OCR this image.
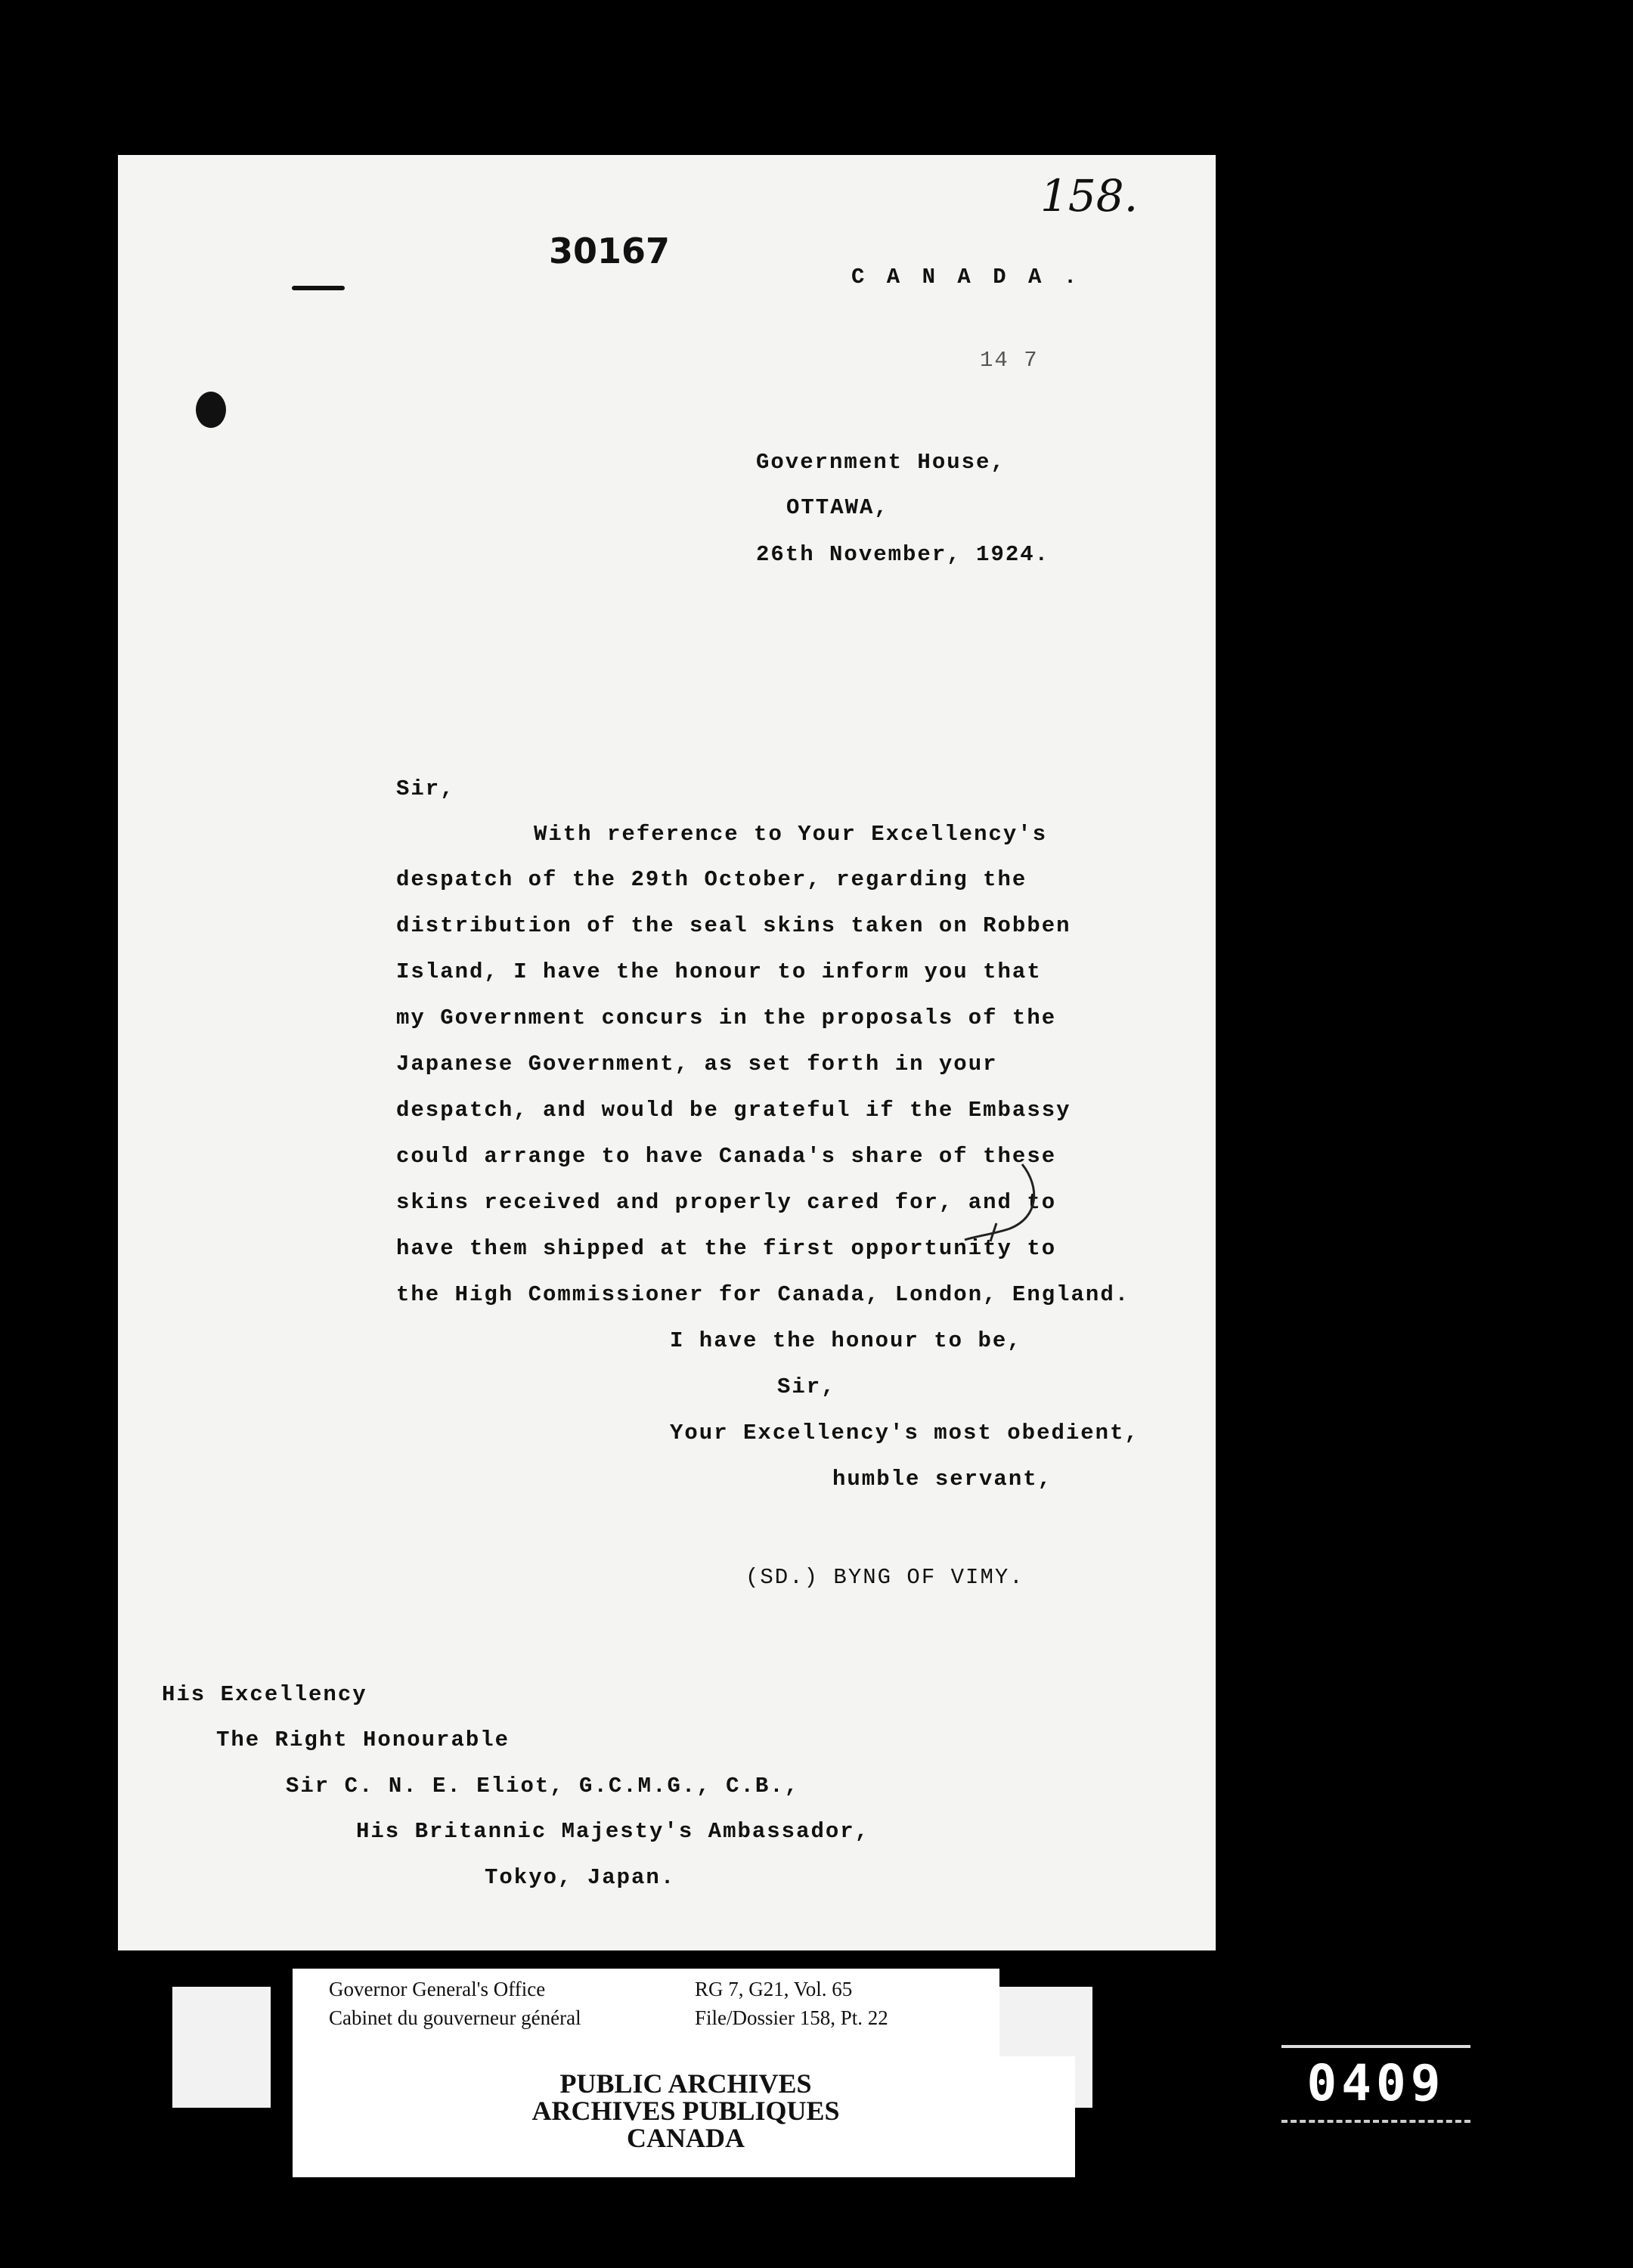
158.
30167
C A N A D A .
14 7
Government House,
OTTAWA,
26th November, 1924.
Sir,
With reference to Your Excellency's
despatch of the 29th October, regarding the
distribution of the seal skins taken on Robben
Island, I have the honour to inform you that
my Government concurs in the proposals of the
Japanese Government, as set forth in your
despatch, and would be grateful if the Embassy
could arrange to have Canada's share of these
skins received and properly cared for, and to
have them shipped at the first opportunity to
the High Commissioner for Canada, London, England.
I have the honour to be,
Sir,
Your Excellency's most obedient,
humble servant,
(SD.) BYNG OF VIMY.
His Excellency
The Right Honourable
Sir C. N. E. Eliot, G.C.M.G., C.B.,
His Britannic Majesty's Ambassador,
Tokyo, Japan.
Governor General's Office
Cabinet du gouverneur général
RG 7, G21, Vol. 65
File/Dossier 158, Pt. 22
PUBLIC ARCHIVES
ARCHIVES PUBLIQUES
CANADA
0409
